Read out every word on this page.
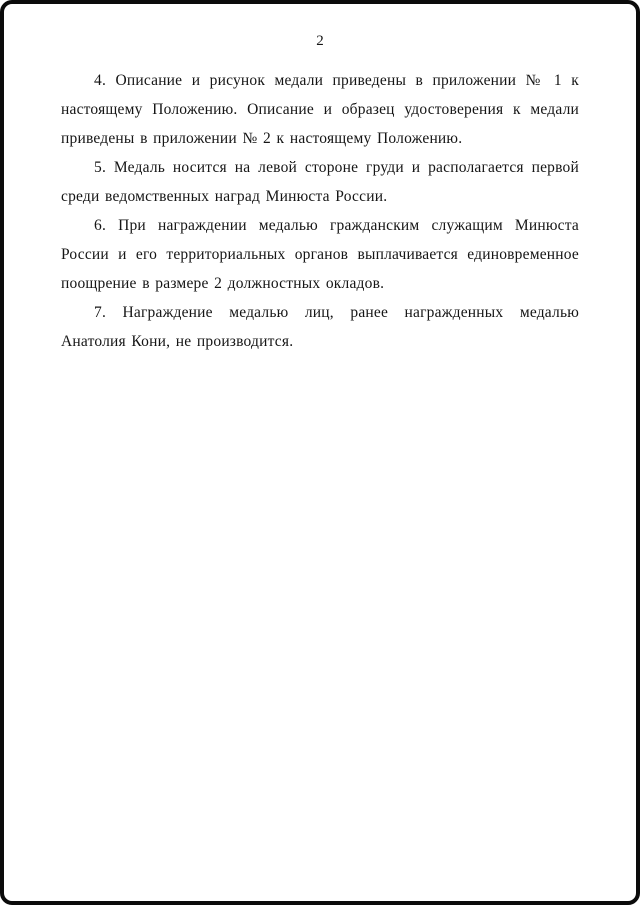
2

4. Описание и рисунок медали приведены в приложении № 1 к настоящему Положению. Описание и образец удостоверения к медали приведены в приложении № 2 к настоящему Положению.

5. Медаль носится на левой стороне груди и располагается первой среди ведомственных наград Минюста России.

6. При награждении медалью гражданским служащим Минюста России и его территориальных органов выплачивается единовременное поощрение в размере 2 должностных окладов.

7. Награждение медалью лиц, ранее награжденных медалью Анатолия Кони, не производится.
